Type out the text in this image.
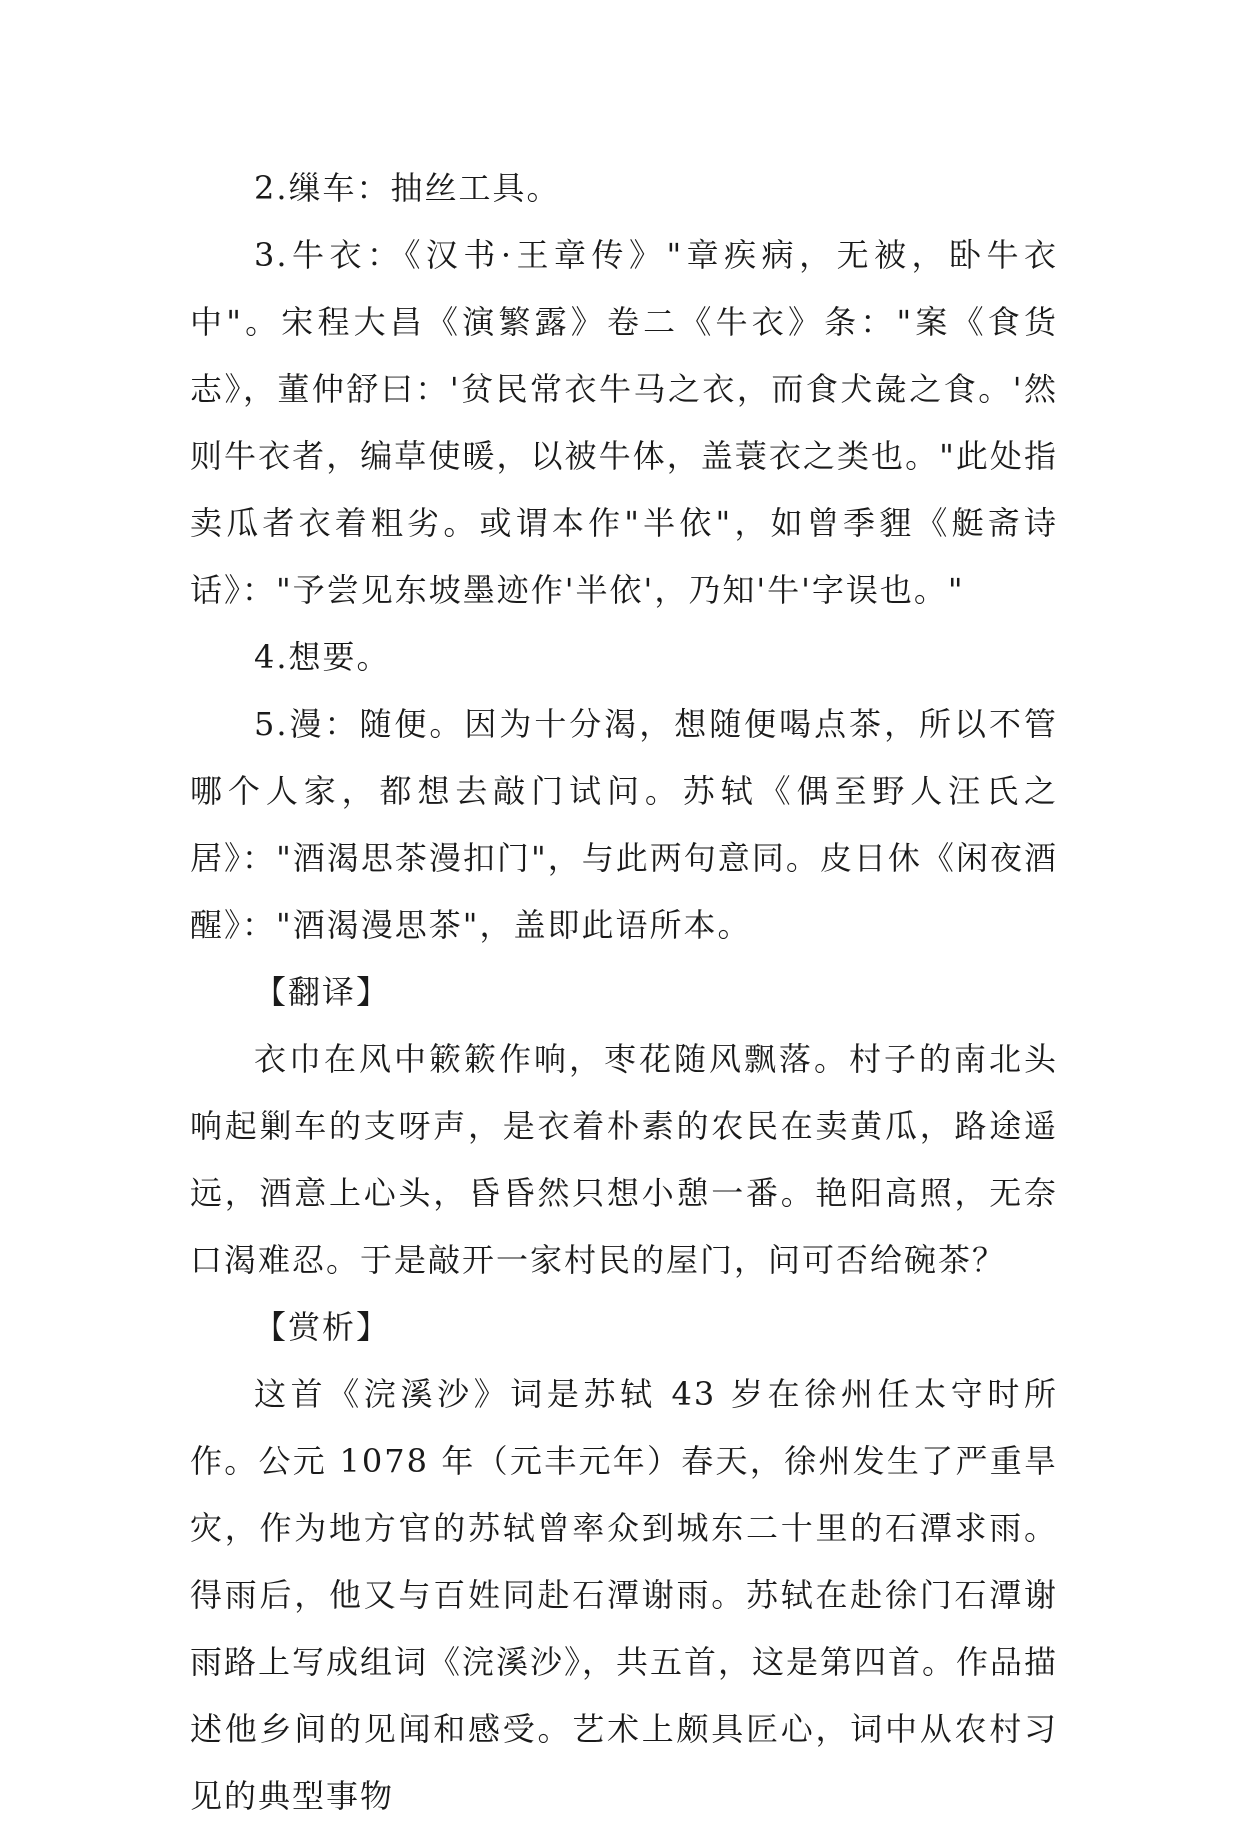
2.缫车：抽丝工具。

3.牛衣：《汉书·王章传》"章疾病，无被，卧牛衣中"。宋程大昌《演繁露》卷二《牛衣》条："案《食货志》，董仲舒曰：'贫民常衣牛马之衣，而食犬彘之食。'然则牛衣者，编草使暖，以被牛体，盖蓑衣之类也。"此处指卖瓜者衣着粗劣。或谓本作"半依"，如曾季貍《艇斋诗话》："予尝见东坡墨迹作'半依'，乃知'牛'字误也。"

4.想要。

5.漫：随便。因为十分渴，想随便喝点茶，所以不管哪个人家，都想去敲门试问。苏轼《偶至野人汪氏之居》："酒渴思茶漫扣门"，与此两句意同。皮日休《闲夜酒醒》："酒渴漫思茶"，盖即此语所本。

【翻译】

衣巾在风中簌簌作响，枣花随风飘落。村子的南北头响起剿车的支呀声，是衣着朴素的农民在卖黄瓜，路途遥远，酒意上心头，昏昏然只想小憩一番。艳阳高照，无奈口渴难忍。于是敲开一家村民的屋门，问可否给碗茶？

【赏析】

这首《浣溪沙》词是苏轼 43 岁在徐州任太守时所作。公元 1078 年（元丰元年）春天，徐州发生了严重旱灾，作为地方官的苏轼曾率众到城东二十里的石潭求雨。得雨后，他又与百姓同赴石潭谢雨。苏轼在赴徐门石潭谢雨路上写成组词《浣溪沙》，共五首，这是第四首。作品描述他乡间的见闻和感受。艺术上颇具匠心，词中从农村习见的典型事物
